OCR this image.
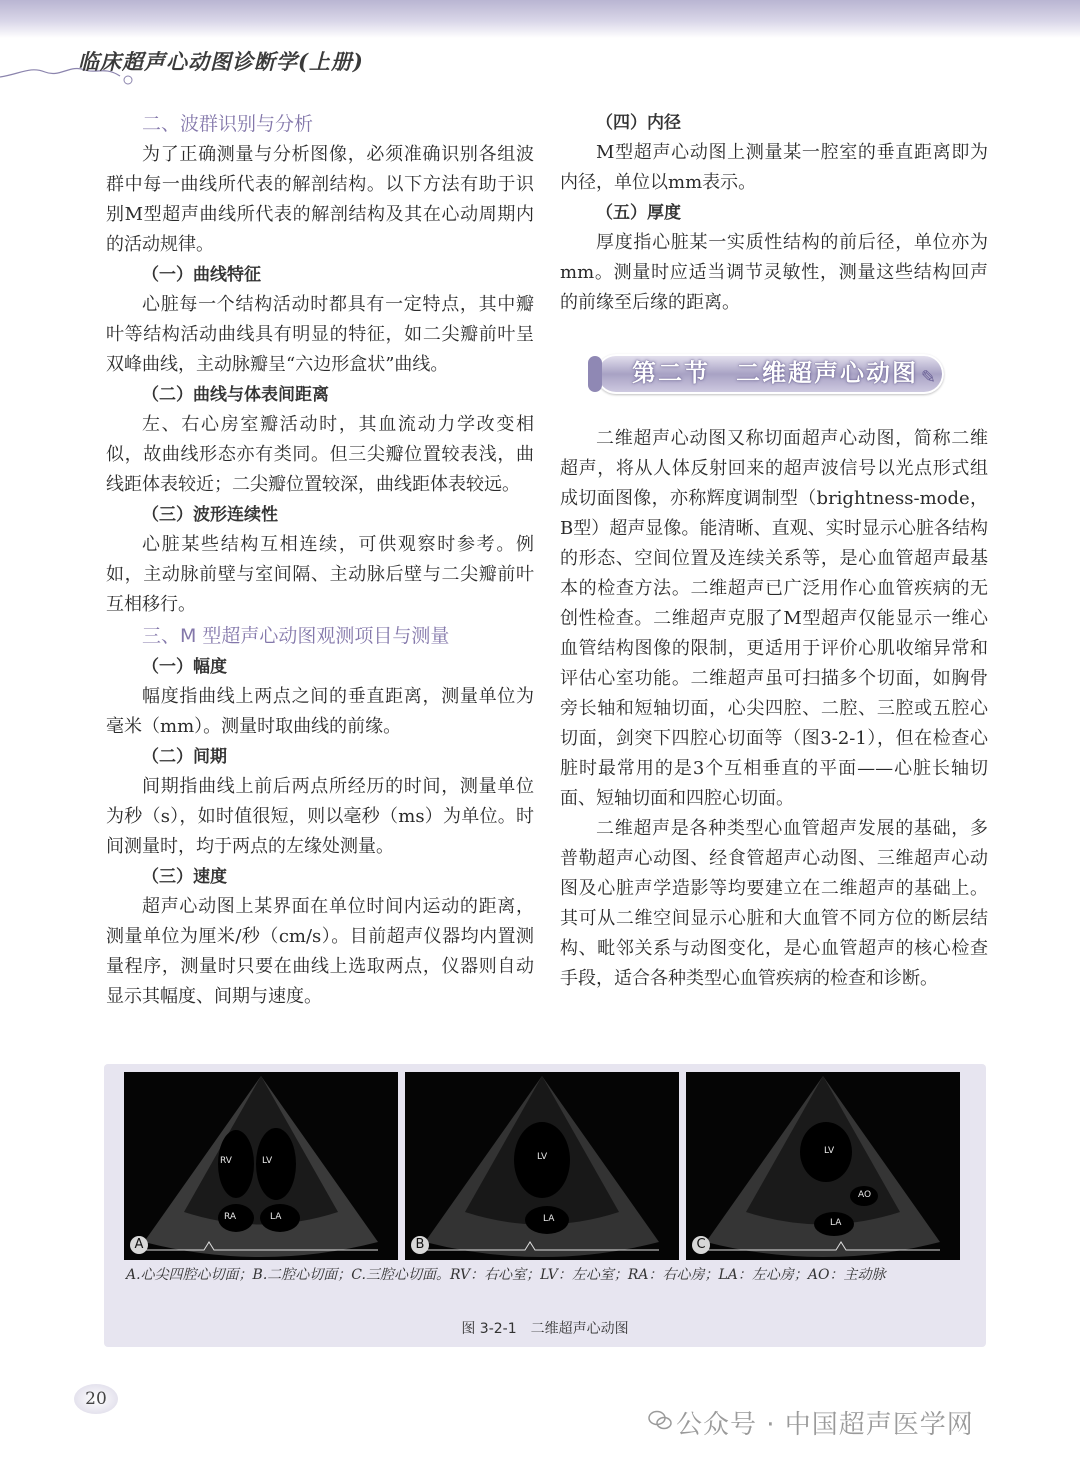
临床超声心动图诊断学(上册)
二、波群识别与分析

为了正确测量与分析图像，必须准确识别各组波群中每一曲线所代表的解剖结构。以下方法有助于识别M型超声曲线所代表的解剖结构及其在心动周期内的活动规律。

（一）曲线特征

心脏每一个结构活动时都具有一定特点，其中瓣叶等结构活动曲线具有明显的特征，如二尖瓣前叶呈双峰曲线，主动脉瓣呈“六边形盒状”曲线。

（二）曲线与体表间距离

左、右心房室瓣活动时，其血流动力学改变相似，故曲线形态亦有类同。但三尖瓣位置较表浅，曲线距体表较近；二尖瓣位置较深，曲线距体表较远。

（三）波形连续性

心脏某些结构互相连续，可供观察时参考。例如，主动脉前壁与室间隔、主动脉后壁与二尖瓣前叶互相移行。

三、M 型超声心动图观测项目与测量
（一）幅度

幅度指曲线上两点之间的垂直距离，测量单位为毫米（mm）。测量时取曲线的前缘。

（二）间期

间期指曲线上前后两点所经历的时间，测量单位为秒（s），如时值很短，则以毫秒（ms）为单位。时间测量时，均于两点的左缘处测量。

（三）速度

超声心动图上某界面在单位时间内运动的距离，测量单位为厘米/秒（cm/s）。目前超声仪器均内置测量程序，测量时只要在曲线上选取两点，仪器则自动显示其幅度、间期与速度。

（四）内径

M型超声心动图上测量某一腔室的垂直距离即为内径，单位以mm表示。

（五）厚度

厚度指心脏某一实质性结构的前后径，单位亦为mm。测量时应适当调节灵敏性，测量这些结构回声的前缘至后缘的距离。

第二节　二维超声心动图 ✎

二维超声心动图又称切面超声心动图，简称二维超声，将从人体反射回来的超声波信号以光点形式组成切面图像，亦称辉度调制型（brightness-mode，B型）超声显像。能清晰、直观、实时显示心脏各结构的形态、空间位置及连续关系等，是心血管超声最基本的检查方法。二维超声已广泛用作心血管疾病的无创性检查。二维超声克服了M型超声仅能显示一维心血管结构图像的限制，更适用于评价心肌收缩异常和评估心室功能。二维超声虽可扫描多个切面，如胸骨旁长轴和短轴切面，心尖四腔、二腔、三腔或五腔心切面，剑突下四腔心切面等（图3-2-1），但在检查心脏时最常用的是3个互相垂直的平面——心脏长轴切面、短轴切面和四腔心切面。

二维超声是各种类型心血管超声发展的基础，多普勒超声心动图、经食管超声心动图、三维超声心动图及心脏声学造影等均要建立在二维超声的基础上。其可从二维空间显示心脏和大血管不同方位的断层结构、毗邻关系与动图变化，是心血管超声的核心检查手段，适合各种类型心血管疾病的检查和诊断。

RV	LV
RA	LA
A
LV
LA
B
LV
AO
LA
C
A.心尖四腔心切面；B.二腔心切面；C.三腔心切面。RV：右心室；LV：左心室；RA：右心房；LA：左心房；AO：主动脉
图 3-2-1　二维超声心动图
20
公众号 · 中国超声医学网
